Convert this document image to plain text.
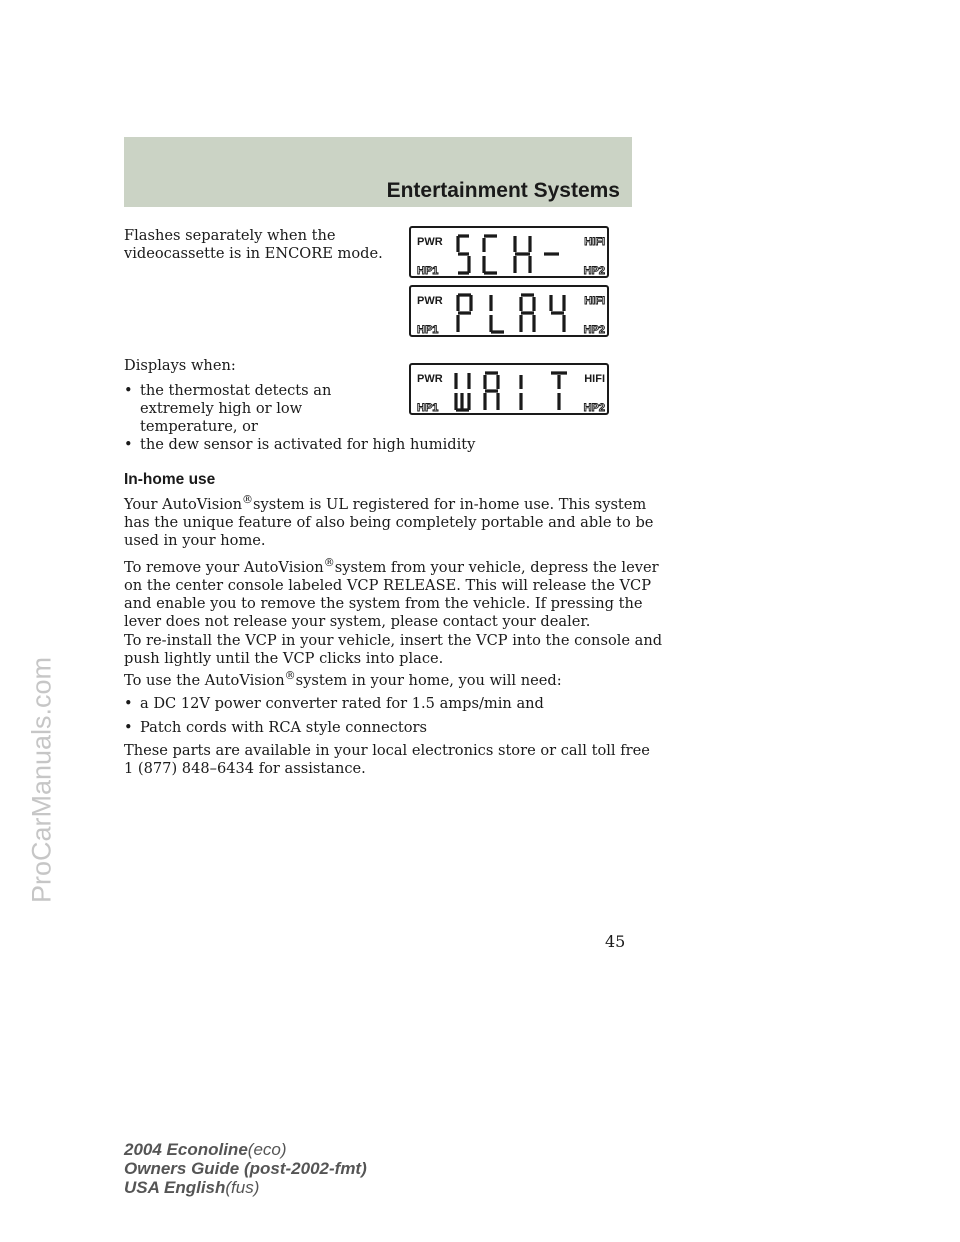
ProCarManuals.com
Entertainment Systems

Flashes separately when the

videocassette is in ENCORE mode.

PWR	HIFI
HP1	HP2
PWR	HIFI
HP1	HP2
PWR	HIFI
HP1	HP2

Displays when:

• the thermostat detects an

extremely high or low

temperature, or

• the dew sensor is activated for high humidity
In-home use

Your AutoVision®system is UL registered for in-home use. This system

has the unique feature of also being completely portable and able to be

used in your home.

To remove your AutoVision®system from your vehicle, depress the lever

on the center console labeled VCP RELEASE. This will release the VCP

and enable you to remove the system from the vehicle. If pressing the

lever does not release your system, please contact your dealer.

To re-install the VCP in your vehicle, insert the VCP into the console and

push lightly until the VCP clicks into place.

To use the AutoVision®system in your home, you will need:

• a DC 12V power converter rated for 1.5 amps/min and
• Patch cords with RCA style connectors

These parts are available in your local electronics store or call toll free

1 (877) 848–6434 for assistance.

45

2004 Econoline(eco)

Owners Guide (post-2002-fmt)

USA English(fus)
